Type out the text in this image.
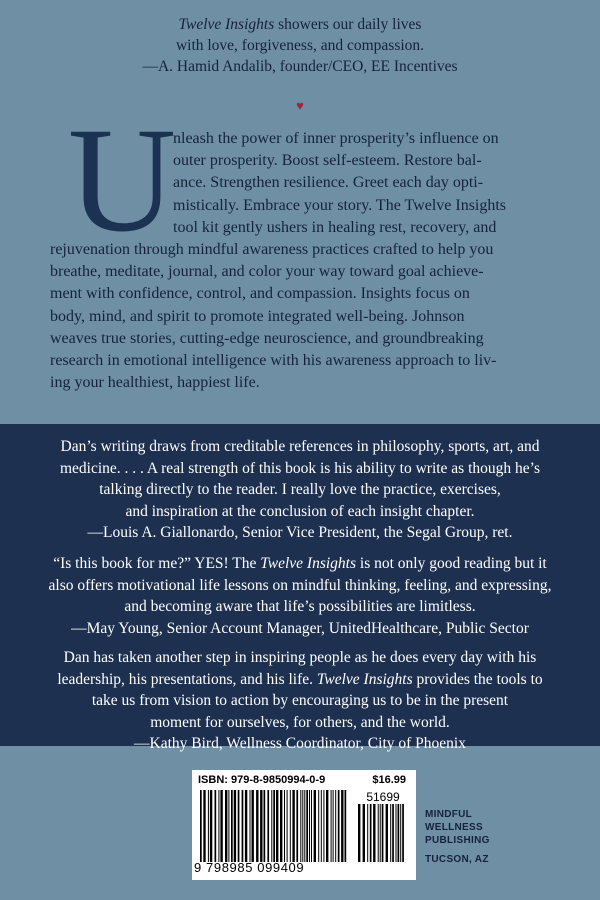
Twelve Insights showers our daily lives
with love, forgiveness, and compassion.
—A. Hamid Andalib, founder/CEO, EE Incentives
♥
U
nleash the power of inner prosperity’s influence on
outer prosperity. Boost self-esteem. Restore bal-
ance. Strengthen resilience. Greet each day opti-
mistically. Embrace your story. The Twelve Insights
tool kit gently ushers in healing rest, recovery, and
rejuvenation through mindful awareness practices crafted to help you
breathe, meditate, journal, and color your way toward goal achieve-
ment with confidence, control, and compassion. Insights focus on
body, mind, and spirit to promote integrated well-being. Johnson
weaves true stories, cutting-edge neuroscience, and groundbreaking
research in emotional intelligence with his awareness approach to liv-
ing your healthiest, happiest life.
Dan’s writing draws from creditable references in philosophy, sports, art, and
medicine. . . . A real strength of this book is his ability to write as though he’s
talking directly to the reader. I really love the practice, exercises,
and inspiration at the conclusion of each insight chapter.
—Louis A. Giallonardo, Senior Vice President, the Segal Group, ret.
“Is this book for me?” YES! The Twelve Insights is not only good reading but it
also offers motivational life lessons on mindful thinking, feeling, and expressing,
and becoming aware that life’s possibilities are limitless.
—May Young, Senior Account Manager, UnitedHealthcare, Public Sector
Dan has taken another step in inspiring people as he does every day with his
leadership, his presentations, and his life. Twelve Insights provides the tools to
take us from vision to action by encouraging us to be in the present
moment for ourselves, for others, and the world.
—Kathy Bird, Wellness Coordinator, City of Phoenix
ISBN: 979-8-9850994-0-9	$16.99
51699
9 798985 099409
MINDFUL
WELLNESS
PUBLISHING
TUCSON, AZ
